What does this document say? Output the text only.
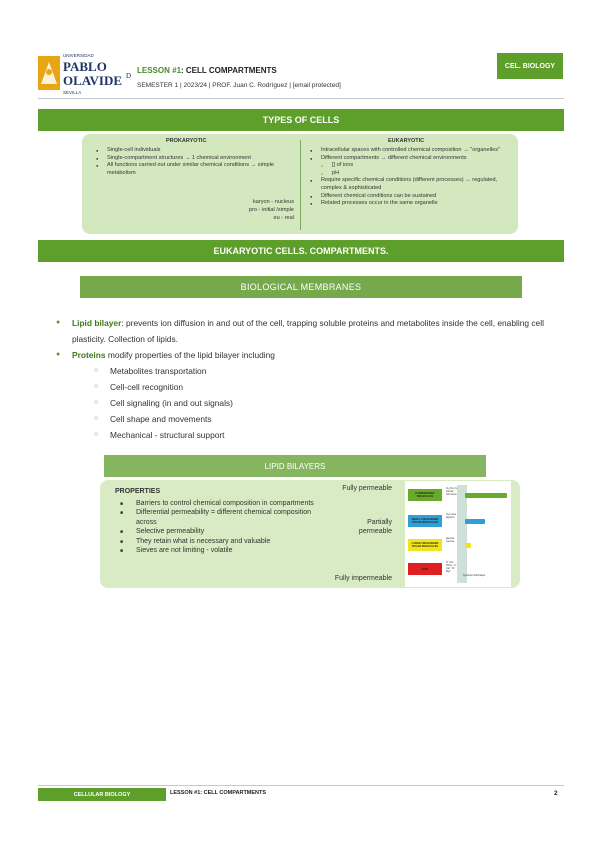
UNIVERSIDAD
PABLO
OLAVIDE D
SEVILLA
LESSON #1: CELL COMPARTMENTS
SEMESTER 1 | 2023/24 | PROF. Juan C. Rodríguez | [email protected]
CEL. BIOLOGY
TYPES OF CELLS
PROKARYOTIC
● Single-cell individuals
● Single-compartment structures → 1 chemical environment
● All functions carried out under similar chemical conditions → simple metabolism
karyon - nucleus
pro - initial /simple
eu - real
EUKARYOTIC
● Intracellular spaces with controlled chemical composition → "organelles"
● Different compartments → different chemical environments
○ [] of ions
○ pH
● Require specific chemical conditions (different processes) → regulated, complex & sophisticated
● Different chemical conditions can be sustained
● Related processes occur in the same organelle
EUKARYOTIC CELLS. COMPARTMENTS.
BIOLOGICAL MEMBRANES
● Lipid bilayer: prevents ion diffusion in and out of the cell, trapping soluble proteins and metabolites inside the cell, enabling cell plasticity. Collection of lipids.
● Proteins modify properties of the lipid bilayer including
○ Metabolites transportation
○ Cell-cell recognition
○ Cell signaling (in and out signals)
○ Cell shape and movements
○ Mechanical - structural support
LIPID BILAYERS
PROPERTIES
■ Barriers to control chemical composition in compartments
■ Differential permeability = different chemical composition across
■ Selective permeability
■ They retain what is necessary and valuable
■ Sieves are not limiting - volatile
Fully permeable
Partially
permeable
Fully impermeable
HYDROPHOBIC MOLECULES
SMALL UNCHARGED POLAR MOLECULES
LARGE UNCHARGED POLAR MOLECULES
IONS
O₂ CO₂ N₂ steroid hormones
H₂O urea glycerol
glucose sucrose
H⁺ Na⁺ HCO₃⁻ K⁺ Ca²⁺ Cl⁻ Mg²⁺
Synthetic lipid bilayer
CELLULAR BIOLOGY	LESSON #1: CELL COMPARTMENTS	2
